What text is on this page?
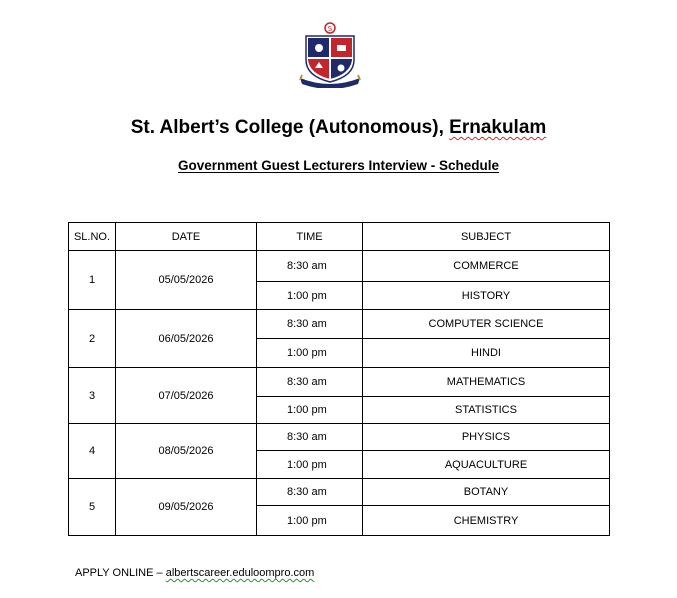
S
St. Albert’s College (Autonomous), Ernakulam
Government Guest Lecturers Interview - Schedule
SL.NO.	DATE	TIME	SUBJECT
1	05/05/2026	8:30 am	COMMERCE
		1:00 pm	HISTORY
2	06/05/2026	8:30 am	COMPUTER SCIENCE
		1:00 pm	HINDI
3	07/05/2026	8:30 am	MATHEMATICS
		1:00 pm	STATISTICS
4	08/05/2026	8:30 am	PHYSICS
		1:00 pm	AQUACULTURE
5	09/05/2026	8:30 am	BOTANY
		1:00 pm	CHEMISTRY
APPLY ONLINE – albertscareer.eduloompro.com
